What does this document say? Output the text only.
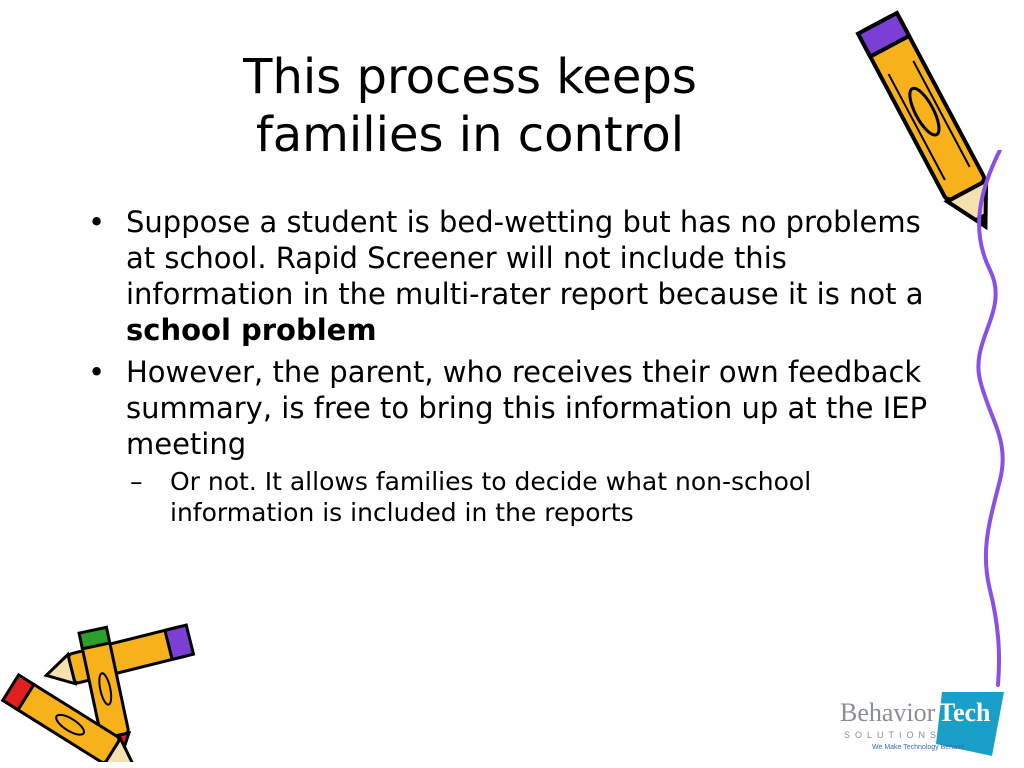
This process keeps
families in control
• Suppose a student is bed-wetting but has no problems at school. Rapid Screener will not include this information in the multi-rater report because it is not a school problem
• However, the parent, who receives their own feedback summary, is free to bring this information up at the IEP meeting
– Or not. It allows families to decide what non-school information is included in the reports
Behavior Tech
SOLUTIONS
We Make Technology Behave
